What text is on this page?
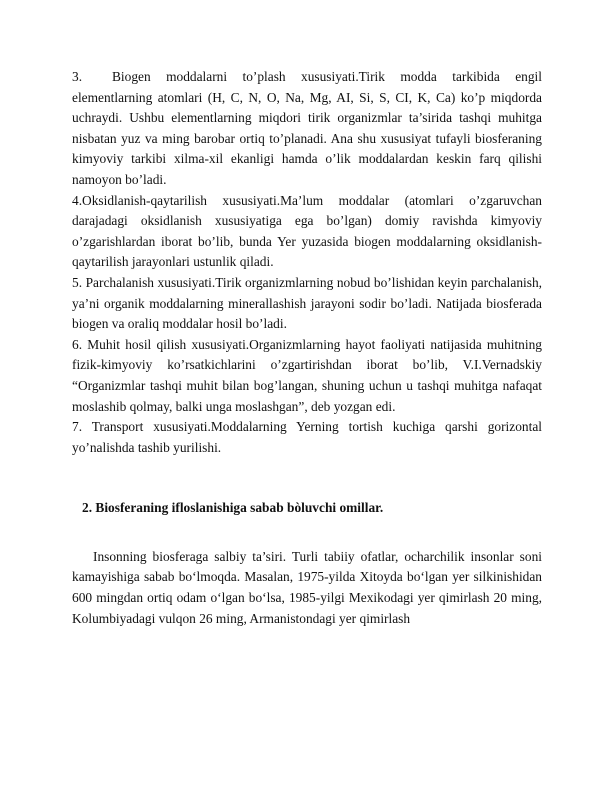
3. Biogen moddalarni to’plash xususiyati.Tirik modda tarkibida engil elementlarning atomlari (H, C, N, O, Na, Mg, AI, Si, S, CI, K, Ca) ko’p miqdorda uchraydi. Ushbu elementlarning miqdori tirik organizmlar ta’sirida tashqi muhitga nisbatan yuz va ming barobar ortiq to’planadi. Ana shu xususiyat tufayli biosferaning kimyoviy tarkibi xilma-xil ekanligi hamda o’lik moddalardan keskin farq qilishi namoyon bo’ladi.

4.Oksidlanish-qaytarilish xususiyati.Ma’lum moddalar (atomlari o’zgaruvchan darajadagi oksidlanish xususiyatiga ega bo’lgan) domiy ravishda kimyoviy o’zgarishlardan iborat bo’lib, bunda Yer yuzasida biogen moddalarning oksidlanish-qaytarilish jarayonlari ustunlik qiladi.

5. Parchalanish xususiyati.Tirik organizmlarning nobud bo’lishidan keyin parchalanish, ya’ni organik moddalarning minerallashish jarayoni sodir bo’ladi. Natijada biosferada biogen va oraliq moddalar hosil bo’ladi.

6. Muhit hosil qilish xususiyati.Organizmlarning hayot faoliyati natijasida muhitning fizik-kimyoviy ko’rsatkichlarini o’zgartirishdan iborat bo’lib, V.I.Vernadskiy “Organizmlar tashqi muhit bilan bog’langan, shuning uchun u tashqi muhitga nafaqat moslashib qolmay, balki unga moslashgan”, deb yozgan edi.

7. Transport xususiyati.Moddalarning Yerning tortish kuchiga qarshi gorizontal yo’nalishda tashib yurilishi.

2. Biosferaning ifloslanishiga sabab bòluvchi omillar.

Insonning biosferaga salbiy ta’siri. Turli tabiiy ofatlar, ocharchilik insonlar soni kamayishiga sabab bo‘lmoqda. Masalan, 1975-yilda Xitoyda bo‘lgan yer silkinishidan 600 mingdan ortiq odam o‘lgan bo‘lsa, 1985-yilgi Mexikodagi yer qimirlash 20 ming, Kolumbiyadagi vulqon 26 ming, Armanistondagi yer qimirlash
